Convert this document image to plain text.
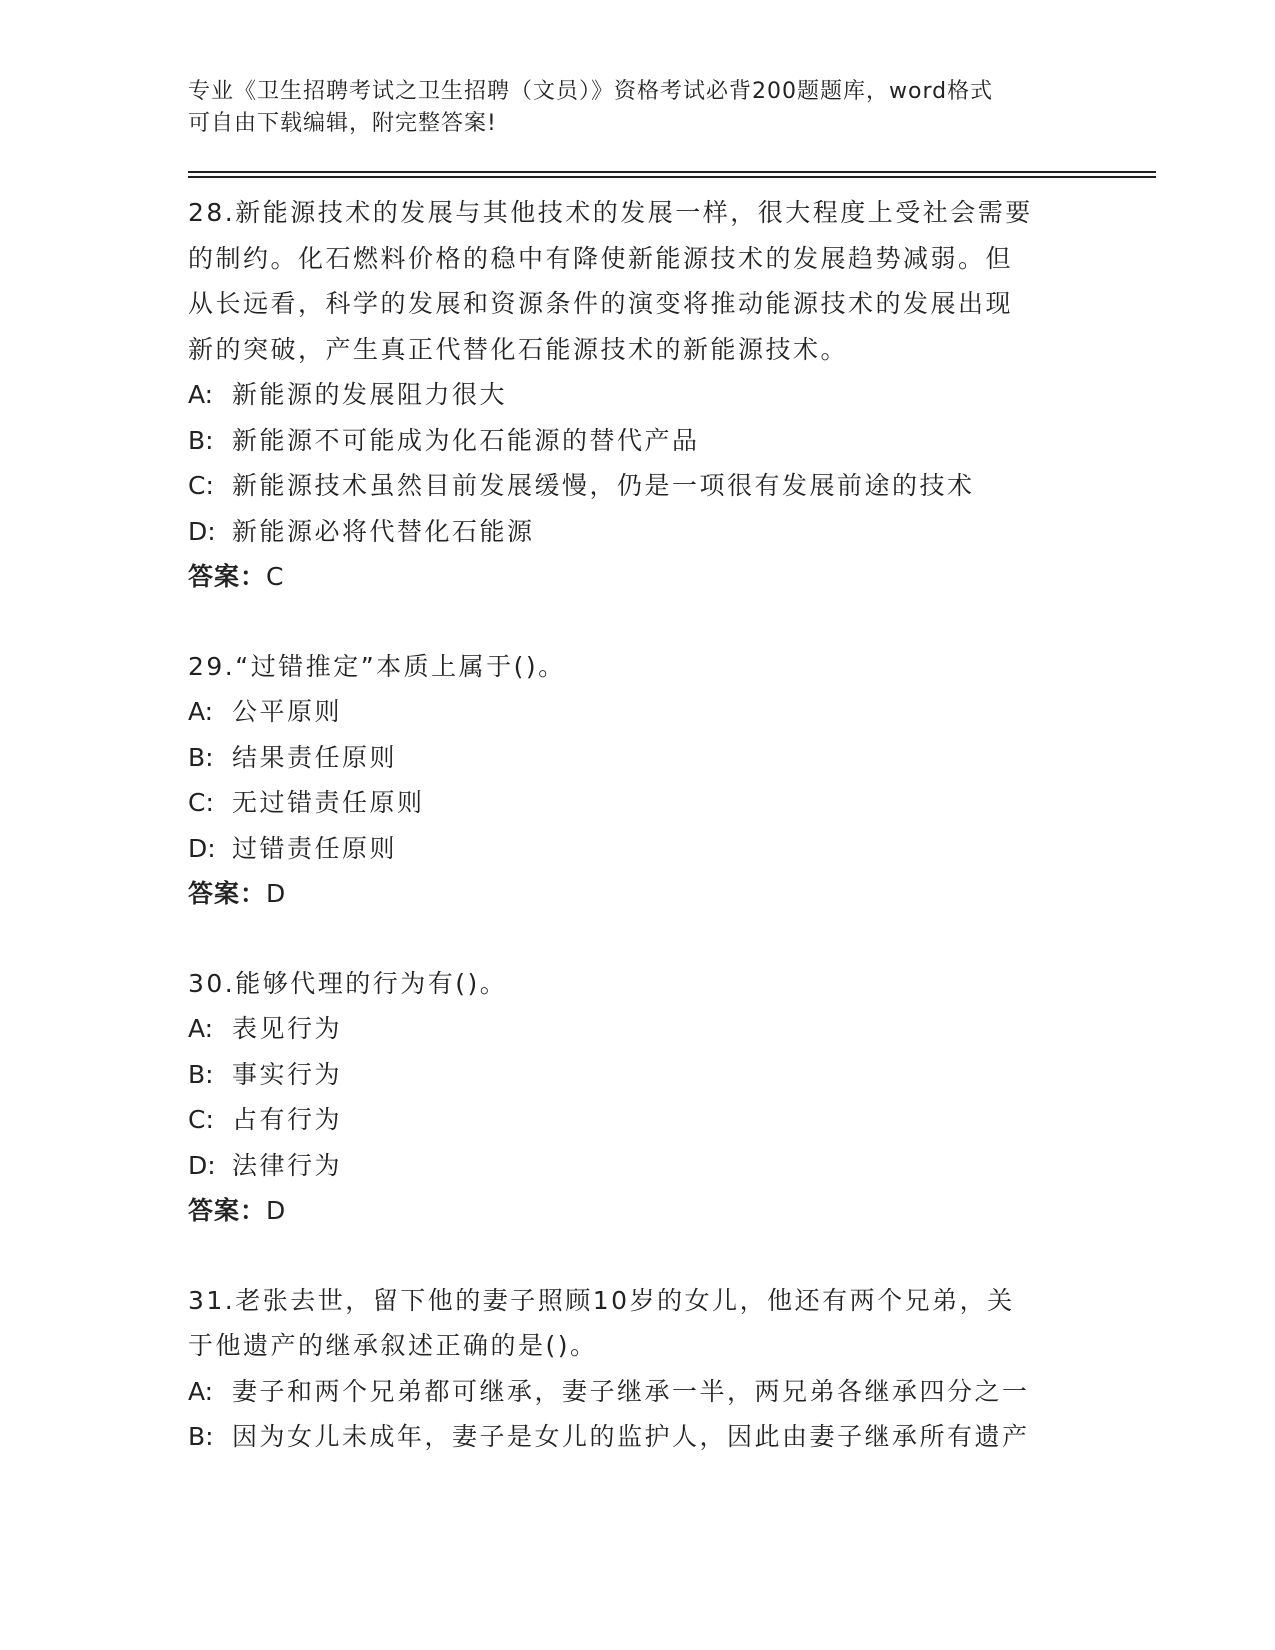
专业《卫生招聘考试之卫生招聘（文员）》资格考试必背200题题库，word格式
可自由下载编辑，附完整答案!

28.新能源技术的发展与其他技术的发展一样，很大程度上受社会需要

的制约。化石燃料价格的稳中有降使新能源技术的发展趋势减弱。但

从长远看，科学的发展和资源条件的演变将推动能源技术的发展出现

新的突破，产生真正代替化石能源技术的新能源技术。

A: 新能源的发展阻力很大

B: 新能源不可能成为化石能源的替代产品

C: 新能源技术虽然目前发展缓慢，仍是一项很有发展前途的技术

D: 新能源必将代替化石能源

答案：C

29.“过错推定”本质上属于()。

A: 公平原则

B: 结果责任原则

C: 无过错责任原则

D: 过错责任原则

答案：D

30.能够代理的行为有()。

A: 表见行为

B: 事实行为

C: 占有行为

D: 法律行为

答案：D

31.老张去世，留下他的妻子照顾10岁的女儿，他还有两个兄弟，关

于他遗产的继承叙述正确的是()。

A: 妻子和两个兄弟都可继承，妻子继承一半，两兄弟各继承四分之一

B: 因为女儿未成年，妻子是女儿的监护人，因此由妻子继承所有遗产
